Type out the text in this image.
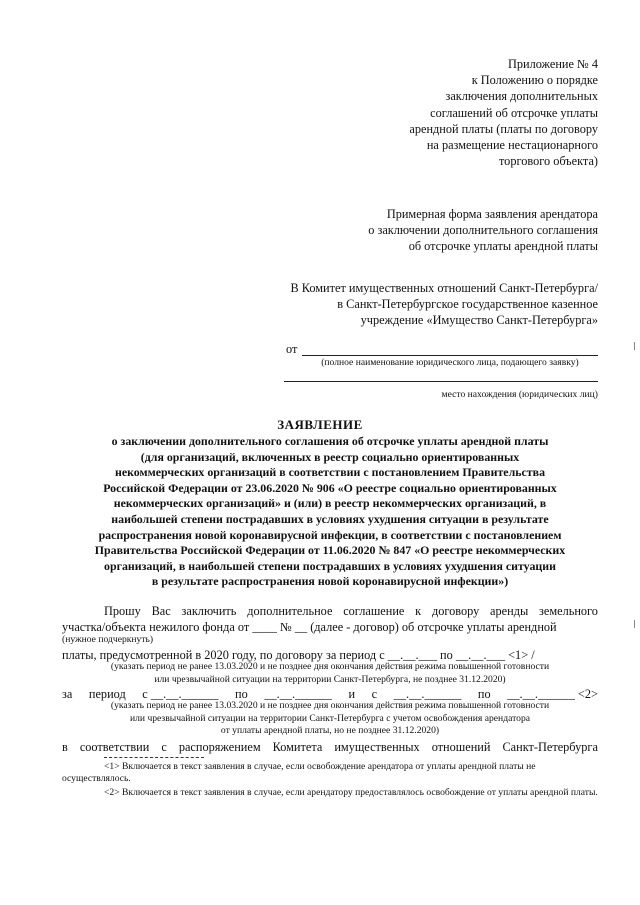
Приложение № 4
к Положению о порядке
заключения дополнительных
соглашений об отсрочке уплаты
арендной платы (платы по договору
на размещение нестационарного
торгового объекта)
Примерная форма заявления арендатора
о заключении дополнительного соглашения
об отсрочке уплаты арендной платы
В Комитет имущественных отношений Санкт-Петербурга/
в Санкт-Петербургское государственное казенное
учреждение «Имущество Санкт-Петербурга»
от
(полное наименование юридического лица, подающего заявку)
место нахождения (юридических лиц)
ЗАЯВЛЕНИЕ
о заключении дополнительного соглашения об отсрочке уплаты арендной платы
(для организаций, включенных в реестр социально ориентированных
некоммерческих организаций в соответствии с постановлением Правительства
Российской Федерации от 23.06.2020 № 906 «О реестре социально ориентированных
некоммерческих организаций» и (или) в реестр некоммерческих организаций, в
наибольшей степени пострадавших в условиях ухудшения ситуации в результате
распространения новой коронавирусной инфекции, в соответствии с постановлением
Правительства Российской Федерации от 11.06.2020 № 847 «О реестре некоммерческих
организаций, в наибольшей степени пострадавших в условиях ухудшения ситуации
в результате распространения новой коронавирусной инфекции»)
Прошу Вас заключить дополнительное соглашение к договору аренды земельного
участка/объекта нежилого фонда от ____ № __ (далее - договор) об отсрочке уплаты арендной
(нужное подчеркнуть)
платы, предусмотренной в 2020 году, по договору за период с __.__.___ по __.__.___ <1> /
(указать период не ранее 13.03.2020 и не позднее дня окончания действия режима повышенной готовности
или чрезвычайной ситуации на территории Санкт-Петербурга, не позднее 31.12.2020)
за период с __.__.______ по __.__.______ и с __.__.______ по __.__.______ <2>
(указать период не ранее 13.03.2020 и не позднее дня окончания действия режима повышенной готовности
или чрезвычайной ситуации на территории Санкт-Петербурга с учетом освобождения арендатора
от уплаты арендной платы, но не позднее 31.12.2020)
в соответствии с распоряжением Комитета имущественных отношений Санкт-Петербурга
<1> Включается в текст заявления в случае, если освобождение арендатора от уплаты арендной платы не осуществлялось.
<2> Включается в текст заявления в случае, если арендатору предоставлялось освобождение от уплаты арендной платы.
